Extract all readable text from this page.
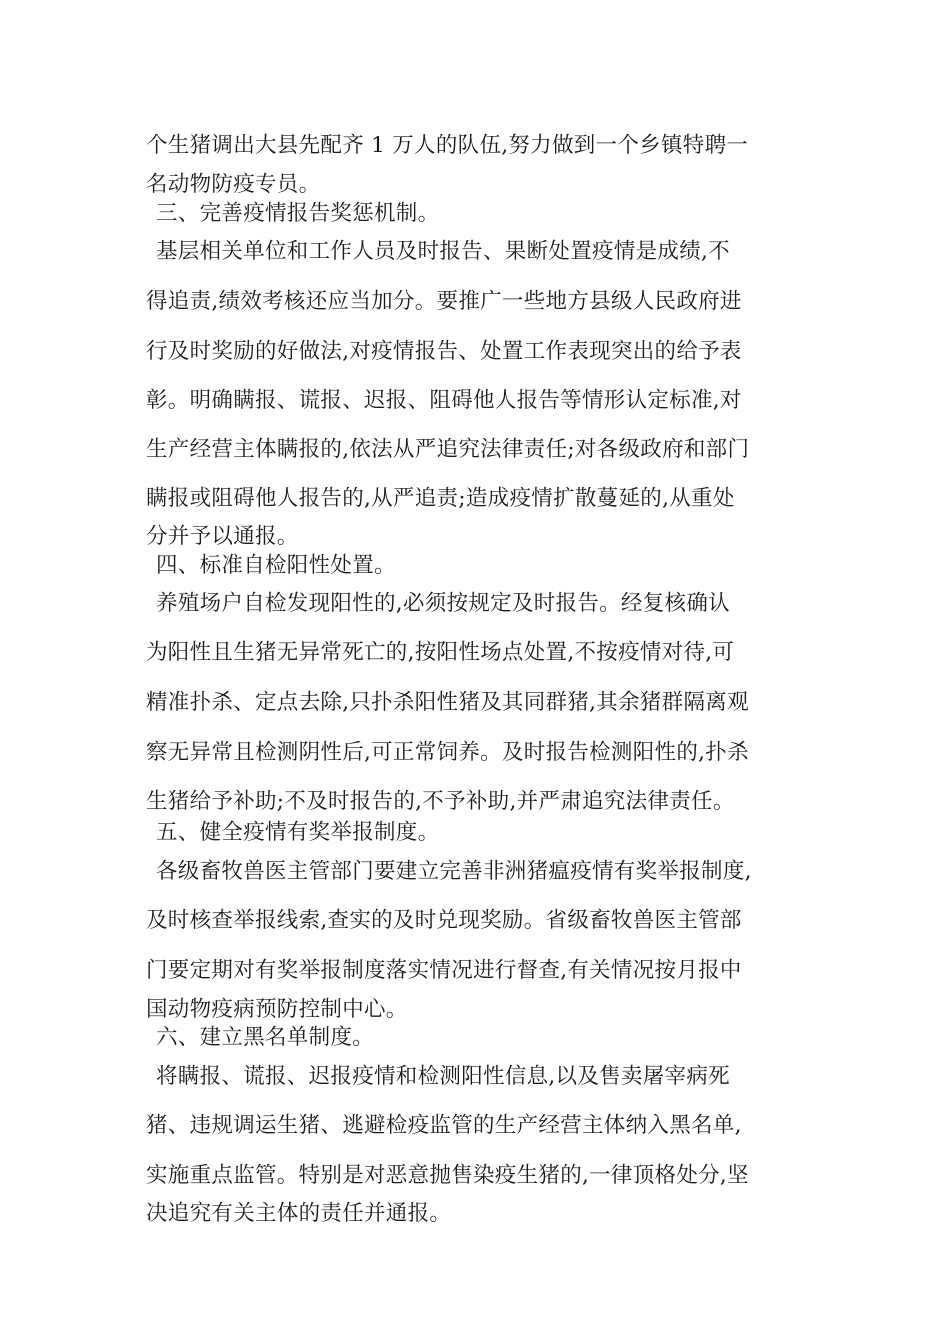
个生猪调出大县先配齐 1 万人的队伍,努力做到一个乡镇特聘一

名动物防疫专员。

三、完善疫情报告奖惩机制。

基层相关单位和工作人员及时报告、果断处置疫情是成绩,不

得追责,绩效考核还应当加分。要推广一些地方县级人民政府进

行及时奖励的好做法,对疫情报告、处置工作表现突出的给予表

彰。明确瞒报、谎报、迟报、阻碍他人报告等情形认定标准,对

生产经营主体瞒报的,依法从严追究法律责任;对各级政府和部门

瞒报或阻碍他人报告的,从严追责;造成疫情扩散蔓延的,从重处

分并予以通报。

四、标准自检阳性处置。

养殖场户自检发现阳性的,必须按规定及时报告。经复核确认

为阳性且生猪无异常死亡的,按阳性场点处置,不按疫情对待,可

精准扑杀、定点去除,只扑杀阳性猪及其同群猪,其余猪群隔离观

察无异常且检测阴性后,可正常饲养。及时报告检测阳性的,扑杀

生猪给予补助;不及时报告的,不予补助,并严肃追究法律责任。

五、健全疫情有奖举报制度。

各级畜牧兽医主管部门要建立完善非洲猪瘟疫情有奖举报制度,

及时核查举报线索,查实的及时兑现奖励。省级畜牧兽医主管部

门要定期对有奖举报制度落实情况进行督查,有关情况按月报中

国动物疫病预防控制中心。

六、建立黑名单制度。

将瞒报、谎报、迟报疫情和检测阳性信息,以及售卖屠宰病死

猪、违规调运生猪、逃避检疫监管的生产经营主体纳入黑名单,

实施重点监管。特别是对恶意抛售染疫生猪的,一律顶格处分,坚

决追究有关主体的责任并通报。
